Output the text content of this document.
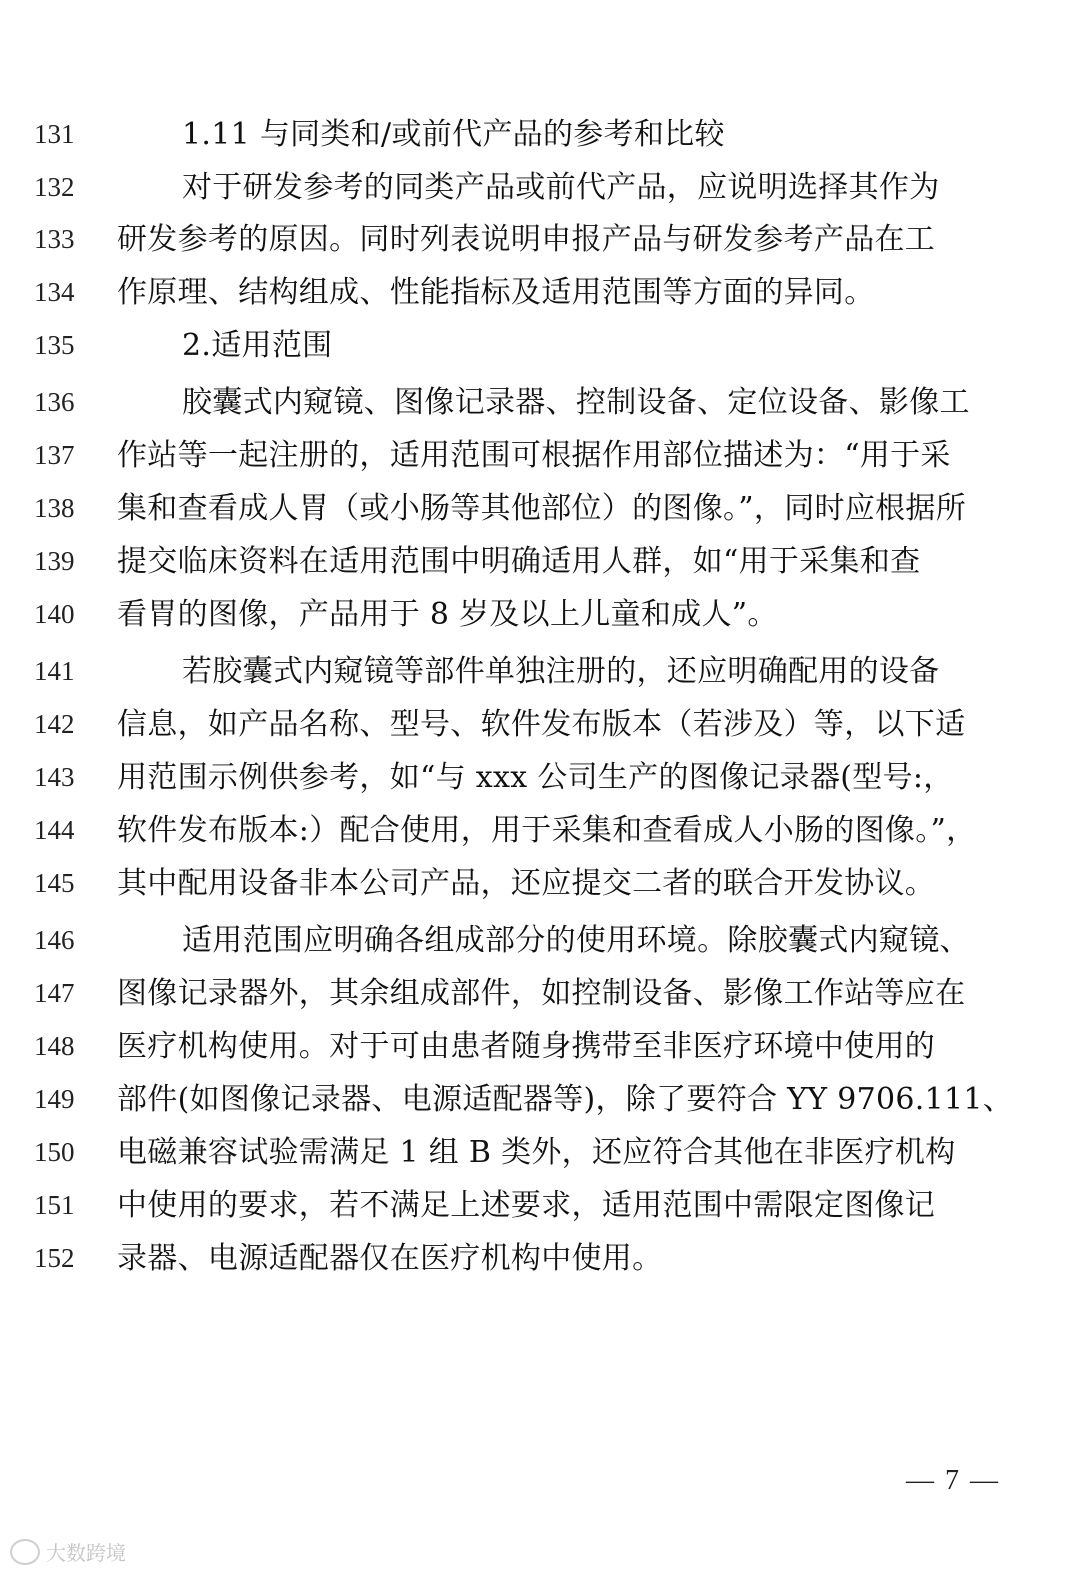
131	1.11 与同类和/或前代产品的参考和比较
132	对于研发参考的同类产品或前代产品，应说明选择其作为
133 研发参考的原因。同时列表说明申报产品与研发参考产品在工
134 作原理、结构组成、性能指标及适用范围等方面的异同。
135	2.适用范围
136	胶囊式内窥镜、图像记录器、控制设备、定位设备、影像工
137 作站等一起注册的，适用范围可根据作用部位描述为：“用于采
138 集和查看成人胃（或小肠等其他部位）的图像。”，同时应根据所
139 提交临床资料在适用范围中明确适用人群，如“用于采集和查
140 看胃的图像，产品用于 8 岁及以上儿童和成人”。
141	若胶囊式内窥镜等部件单独注册的，还应明确配用的设备
142 信息，如产品名称、型号、软件发布版本（若涉及）等，以下适
143 用范围示例供参考，如“与 xxx 公司生产的图像记录器(型号:，
144 软件发布版本:）配合使用，用于采集和查看成人小肠的图像。”，
145 其中配用设备非本公司产品，还应提交二者的联合开发协议。
146	适用范围应明确各组成部分的使用环境。除胶囊式内窥镜、
147 图像记录器外，其余组成部件，如控制设备、影像工作站等应在
148 医疗机构使用。对于可由患者随身携带至非医疗环境中使用的
149 部件(如图像记录器、电源适配器等)，除了要符合 YY 9706.111、
150 电磁兼容试验需满足 1 组 B 类外，还应符合其他在非医疗机构
151 中使用的要求，若不满足上述要求，适用范围中需限定图像记
152 录器、电源适配器仅在医疗机构中使用。
— 7 —
大数跨境
